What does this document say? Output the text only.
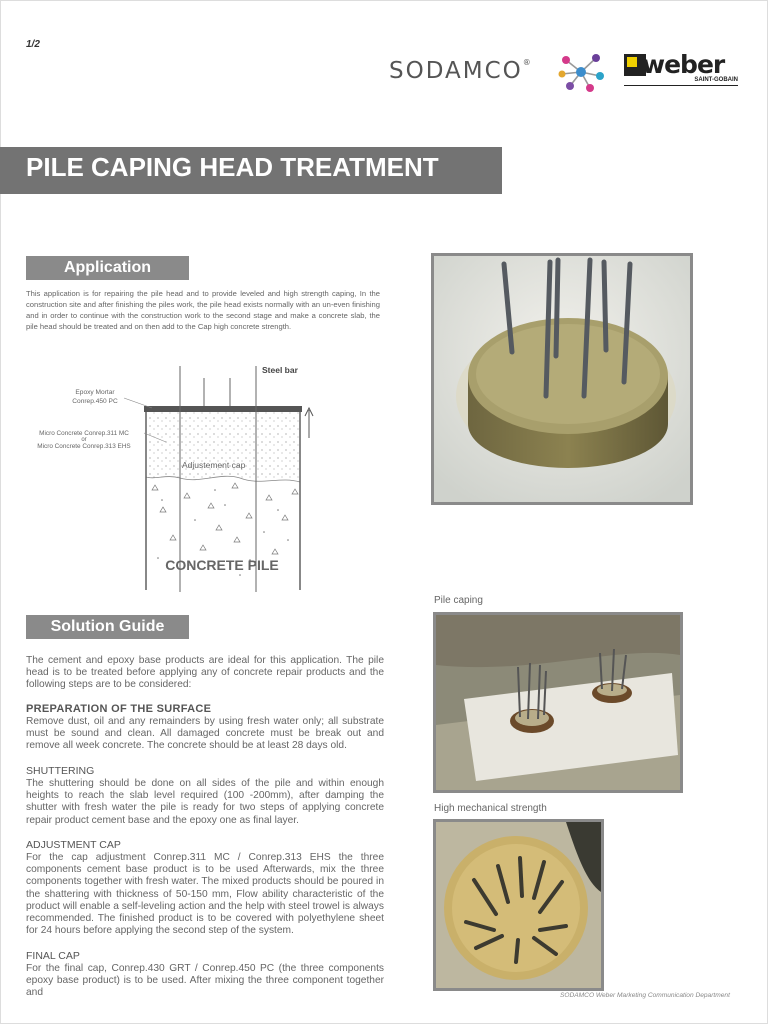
1/2
SODAMCO®	weber
SAINT-GOBAIN
PILE CAPING HEAD TREATMENT
Application
This application is for repairing the pile head and to provide leveled and high strength caping, In the construction site and after finishing the piles work, the pile head exists normally with an un-even finishing and in order to continue with the construction work to the second stage and make a concrete slab, the pile head should be treated and on then add to the Cap high concrete strength.
Steel bar
Epoxy Mortar
Conrep.450 PC
Micro Concrete Conrep.311 MC
or
Micro Concrete Conrep.313 EHS
Adjustement cap
CONCRETE PILE
Solution Guide
The cement and epoxy base products are ideal for this application. The pile head is to be treated before applying any of concrete repair products and the following steps are to be considered:
PREPARATION OF THE SURFACE
Remove dust, oil and any remainders by using fresh water only; all substrate must be sound and clean. All damaged concrete must be break out and remove all week concrete. The concrete should be at least 28 days old.
SHUTTERING
The shuttering should be done on all sides of the pile and within enough heights to reach the slab level required (100 -200mm), after damping the shutter with fresh water the pile is ready for two steps of applying concrete repair product cement base and the epoxy one as final layer.
ADJUSTMENT CAP
For the cap adjustment Conrep.311 MC / Conrep.313 EHS the three components cement base product is to be used Afterwards, mix the three components together with fresh water. The mixed products should be poured in the shattering with thickness of 50-150 mm, Flow ability characteristic of the product will enable a self-leveling action and the help with steel trowel is always recommended. The finished product is to be covered with polyethylene sheet for 24 hours before applying the second step of the system.
FINAL CAP
For the final cap, Conrep.430 GRT / Conrep.450 PC (the three components epoxy base product) is to be used. After mixing the three component together and
Pile caping
High mechanical strength
SODAMCO Weber Marketing Communication Department
